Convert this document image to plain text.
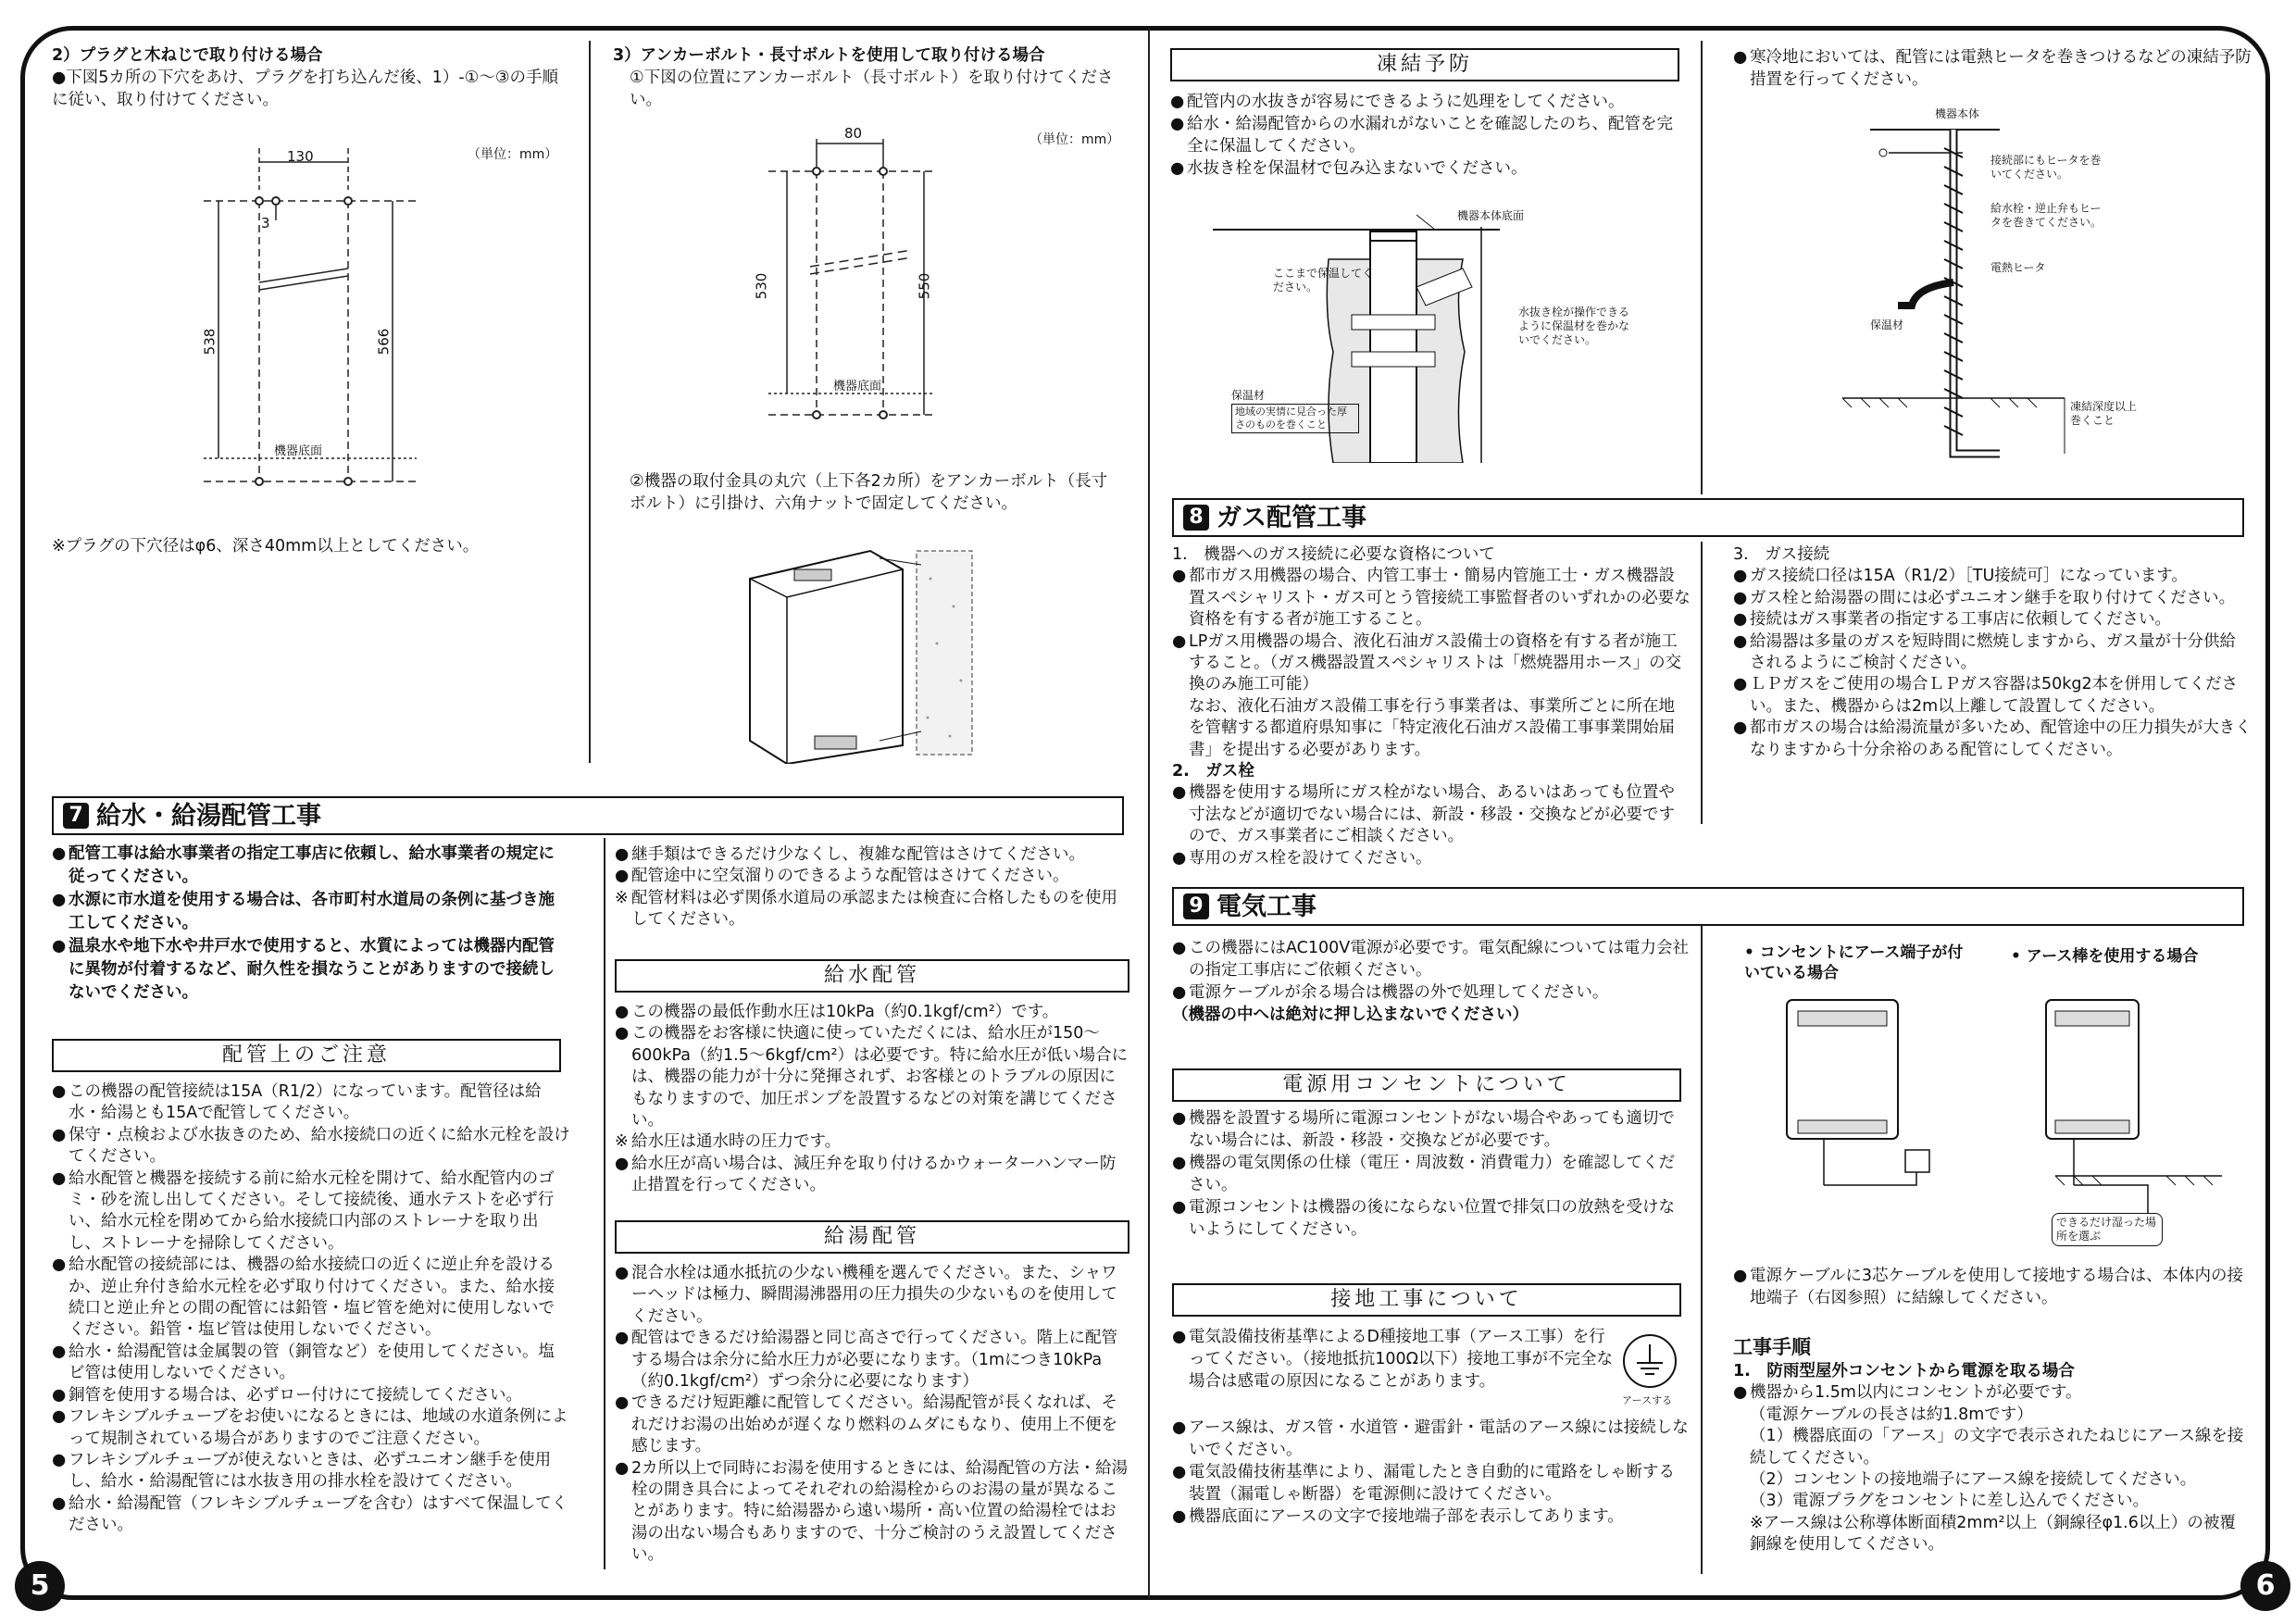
5	6

2）プラグと木ねじで取り付ける場合

●下図5カ所の下穴をあけ、プラグを打ち込んだ後、1）-①～③の手順に従い、取り付けてください。

（単位：mm）
130
3
538	566
機器底面
※プラグの下穴径はφ6、深さ40mm以上としてください。

3）アンカーボルト・長寸ボルトを使用して取り付ける場合

①下図の位置にアンカーボルト（長寸ボルト）を取り付けてください。

（単位：mm）
80
530	550
機器底面

②機器の取付金具の丸穴（上下各2カ所）をアンカーボルト（長寸ボルト）に引掛け、六角ナットで固定してください。

7 給水・給湯配管工事

● 配管工事は給水事業者の指定工事店に依頼し、給水事業者の規定に従ってください。

● 水源に市水道を使用する場合は、各市町村水道局の条例に基づき施工してください。

● 温泉水や地下水や井戸水で使用すると、水質によっては機器内配管に異物が付着するなど、耐久性を損なうことがありますので接続しないでください。

配管上のご注意

● この機器の配管接続は15A（R1/2）になっています。配管径は給水・給湯とも15Aで配管してください。

● 保守・点検および水抜きのため、給水接続口の近くに給水元栓を設けてください。

● 給水配管と機器を接続する前に給水元栓を開けて、給水配管内のゴミ・砂を流し出してください。そして接続後、通水テストを必ず行い、給水元栓を閉めてから給水接続口内部のストレーナを取り出し、ストレーナを掃除してください。

● 給水配管の接続部には、機器の給水接続口の近くに逆止弁を設けるか、逆止弁付き給水元栓を必ず取り付けてください。また、給水接続口と逆止弁との間の配管には鉛管・塩ビ管を絶対に使用しないでください。鉛管・塩ビ管は使用しないでください。

● 給水・給湯配管は金属製の管（銅管など）を使用してください。塩ビ管は使用しないでください。

● 銅管を使用する場合は、必ずロー付けにて接続してください。

● フレキシブルチューブをお使いになるときには、地域の水道条例によって規制されている場合がありますのでご注意ください。

● フレキシブルチューブが使えないときは、必ずユニオン継手を使用し、給水・給湯配管には水抜き用の排水栓を設けてください。

● 給水・給湯配管（フレキシブルチューブを含む）はすべて保温してください。

● 継手類はできるだけ少なくし、複雑な配管はさけてください。

● 配管途中に空気溜りのできるような配管はさけてください。

※ 配管材料は必ず関係水道局の承認または検査に合格したものを使用してください。

給水配管

● この機器の最低作動水圧は10kPa（約0.1kgf/cm²）です。

● この機器をお客様に快適に使っていただくには、給水圧が150～600kPa（約1.5～6kgf/cm²）は必要です。特に給水圧が低い場合には、機器の能力が十分に発揮されず、お客様とのトラブルの原因にもなりますので、加圧ポンプを設置するなどの対策を講じてください。

※ 給水圧は通水時の圧力です。

● 給水圧が高い場合は、減圧弁を取り付けるかウォーターハンマー防止措置を行ってください。

給湯配管

● 混合水栓は通水抵抗の少ない機種を選んでください。また、シャワーヘッドは極力、瞬間湯沸器用の圧力損失の少ないものを使用してください。

● 配管はできるだけ給湯器と同じ高さで行ってください。階上に配管する場合は余分に給水圧力が必要になります。（1mにつき10kPa（約0.1kgf/cm²）ずつ余分に必要になります）

● できるだけ短距離に配管してください。給湯配管が長くなれば、それだけお湯の出始めが遅くなり燃料のムダにもなり、使用上不便を感じます。

● 2カ所以上で同時にお湯を使用するときには、給湯配管の方法・給湯栓の開き具合によってそれぞれの給湯栓からのお湯の量が異なることがあります。特に給湯器から遠い場所・高い位置の給湯栓ではお湯の出ない場合もありますので、十分ご検討のうえ設置してください。

凍結予防

● 配管内の水抜きが容易にできるように処理をしてください。

● 給水・給湯配管からの水漏れがないことを確認したのち、配管を完全に保温してください。

● 水抜き栓を保温材で包み込まないでください。

機器本体底面
ここまで保温してください。
水抜き栓が操作できるように保温材を巻かないでください。
保温材
地域の実情に見合った厚さのものを巻くこと

● 寒冷地においては、配管には電熱ヒータを巻きつけるなどの凍結予防措置を行ってください。

機器本体
接続部にもヒータを巻いてください。
給水栓・逆止弁もヒータを巻きてください。
電熱ヒータ
保温材
凍結深度以上巻くこと
8 ガス配管工事

1.　機器へのガス接続に必要な資格について

● 都市ガス用機器の場合、内管工事士・簡易内管施工士・ガス機器設置スペシャリスト・ガス可とう管接続工事監督者のいずれかの必要な資格を有する者が施工すること。

● LPガス用機器の場合、液化石油ガス設備士の資格を有する者が施工すること。（ガス機器設置スペシャリストは「燃焼器用ホース」の交換のみ施工可能）

なお、液化石油ガス設備工事を行う事業者は、事業所ごとに所在地を管轄する都道府県知事に「特定液化石油ガス設備工事事業開始届書」を提出する必要があります。

2.　ガス栓

● 機器を使用する場所にガス栓がない場合、あるいはあっても位置や寸法などが適切でない場合には、新設・移設・交換などが必要ですので、ガス事業者にご相談ください。

● 専用のガス栓を設けてください。

3.　ガス接続

● ガス接続口径は15A（R1/2）［TU接続可］になっています。

● ガス栓と給湯器の間には必ずユニオン継手を取り付けてください。

● 接続はガス事業者の指定する工事店に依頼してください。

● 給湯器は多量のガスを短時間に燃焼しますから、ガス量が十分供給されるようにご検討ください。

● ＬＰガスをご使用の場合ＬＰガス容器は50kg2本を併用してください。また、機器からは2m以上離して設置してください。

● 都市ガスの場合は給湯流量が多いため、配管途中の圧力損失が大きくなりますから十分余裕のある配管にしてください。

9 電気工事

● この機器にはAC100V電源が必要です。電気配線については電力会社の指定工事店にご依頼ください。

● 電源ケーブルが余る場合は機器の外で処理してください。

（機器の中へは絶対に押し込まないでください）

電源用コンセントについて

● 機器を設置する場所に電源コンセントがない場合やあっても適切でない場合には、新設・移設・交換などが必要です。

● 機器の電気関係の仕様（電圧・周波数・消費電力）を確認してください。

● 電源コンセントは機器の後にならない位置で排気口の放熱を受けないようにしてください。

接地工事について

● 電気設備技術基準によるD種接地工事（アース工事）を行ってください。（接地抵抗100Ω以下）接地工事が不完全な場合は感電の原因になることがあります。

アースする

● アース線は、ガス管・水道管・避雷針・電話のアース線には接続しないでください。

● 電気設備技術基準により、漏電したとき自動的に電路をしゃ断する装置（漏電しゃ断器）を電源側に設けてください。

● 機器底面にアースの文字で接地端子部を表示してあります。

• コンセントにアース端子が付いている場合
• アース棒を使用する場合
できるだけ湿った場所を選ぶ

● 電源ケーブルに3芯ケーブルを使用して接地する場合は、本体内の接地端子（右図参照）に結線してください。

工事手順

1.　防雨型屋外コンセントから電源を取る場合

● 機器から1.5m以内にコンセントが必要です。

（電源ケーブルの長さは約1.8mです）

（1）機器底面の「アース」の文字で表示されたねじにアース線を接続してください。

（2）コンセントの接地端子にアース線を接続してください。

（3）電源プラグをコンセントに差し込んでください。

※アース線は公称導体断面積2mm²以上（銅線径φ1.6以上）の被覆銅線を使用してください。
